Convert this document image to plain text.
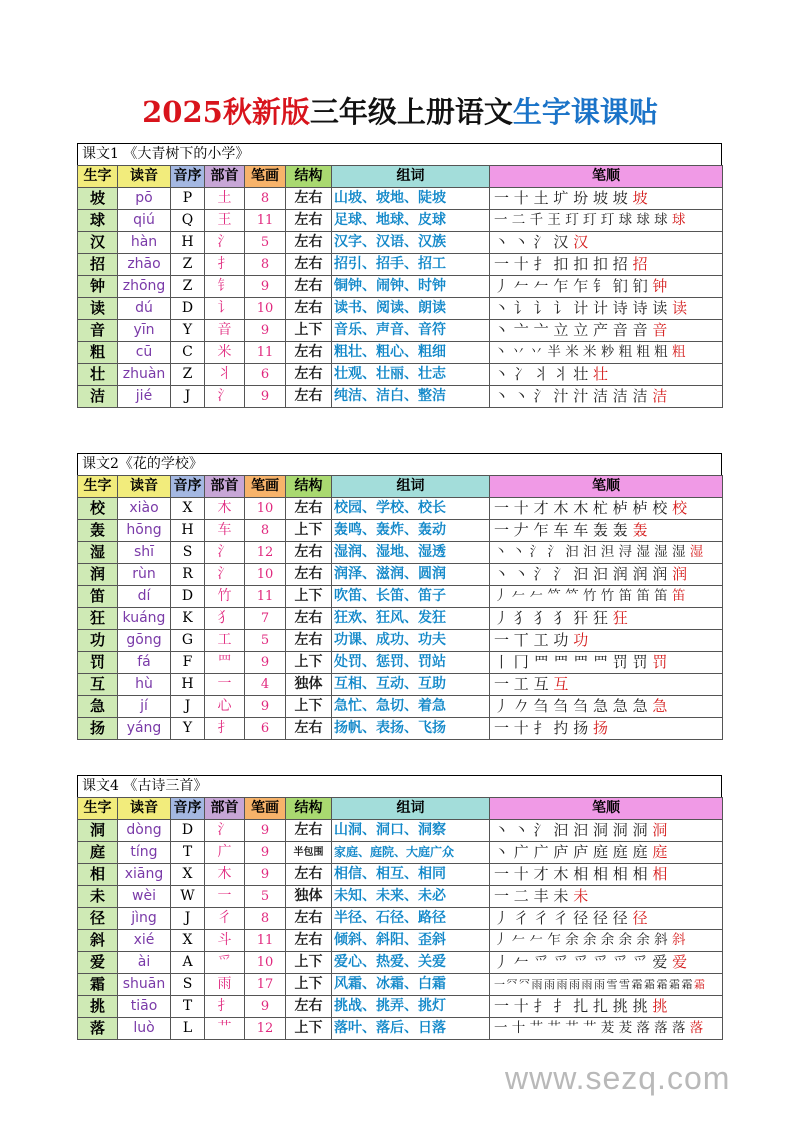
2025秋新版三年级上册语文生字课课贴
课文1 《大青树下的小学》
生字	读音	音序	部首	笔画	结构	组词	笔顺
坡	pō	P	土	8	左右	山坡、坡地、陡坡	一 十 土 圹 坋 坡 坡 坡
球	qiú	Q	王	11	左右	足球、地球、皮球	一 二 千 王 玎 玎 玎 球 球 球 球
汉	hàn	H	氵	5	左右	汉字、汉语、汉族	丶 丶 氵 汉 汉
招	zhāo	Z	扌	8	左右	招引、招手、招工	一 十 扌 扣 扣 扣 招 招
钟	zhōng	Z	钅	9	左右	铜钟、闹钟、时钟	丿 𠂉 𠂉 乍 乍 钅 钔 钔 钟
读	dú	D	讠	10	左右	读书、阅读、朗读	丶 讠 讠 讠 计 计 诗 诗 读 读
音	yīn	Y	音	9	上下	音乐、声音、音符	丶 亠 亠 立 立 产 音 音 音
粗	cū	C	米	11	左右	粗壮、粗心、粗细	丶 丷 丷 半 米 米 粆 粗 粗 粗 粗
壮	zhuàn	Z	丬	6	左右	壮观、壮丽、壮志	丶 冫 丬 丬 壮 壮
洁	jié	J	氵	9	左右	纯洁、洁白、整洁	丶 丶 氵 汁 汁 洁 洁 洁 洁
课文2《花的学校》
生字	读音	音序	部首	笔画	结构	组词	笔顺
校	xiào	X	木	10	左右	校园、学校、校长	一 十 才 木 木 杧 栌 栌 校 校
轰	hōng	H	车	8	上下	轰鸣、轰炸、轰动	一 𠂇 乍 车 车 轰 轰 轰
湿	shī	S	氵	12	左右	湿润、湿地、湿透	丶 丶 氵 氵 汩 汩 泹 浔 湿 湿 湿 湿
润	rùn	R	氵	10	左右	润泽、滋润、圆润	丶 丶 氵 氵 汩 汩 润 润 润 润
笛	dí	D	竹	11	上下	吹笛、长笛、笛子	丿 𠂉 𠂉 𥫗 𥫗 竹 竹 笛 笛 笛 笛
狂	kuáng	K	犭	7	左右	狂欢、狂风、发狂	丿 犭 犭 犭 犴 狂 狂
功	gōng	G	工	5	左右	功课、成功、功夫	一 丅 工 功 功
罚	fá	F	罒	9	上下	处罚、惩罚、罚站	丨 冂 罒 罒 罒 罒 罚 罚 罚
互	hù	H	一	4	独体	互相、互动、互助	一 工 互 互
急	jí	J	心	9	上下	急忙、急切、着急	丿 𠂊 刍 刍 刍 急 急 急 急
扬	yáng	Y	扌	6	左右	扬帆、表扬、飞扬	一 十 扌 扚 扬 扬
课文4 《古诗三首》
生字	读音	音序	部首	笔画	结构	组词	笔顺
洞	dòng	D	氵	9	左右	山洞、洞口、洞察	丶 丶 氵 汩 汩 洞 洞 洞 洞
庭	tíng	T	广	9	半包围	家庭、庭院、大庭广众	丶 广 广 庐 庐 庭 庭 庭 庭
相	xiāng	X	木	9	左右	相信、相互、相同	一 十 才 木 相 相 相 相 相
未	wèi	W	一	5	独体	未知、未来、未必	一 二 丰 未 未
径	jìng	J	彳	8	左右	半径、石径、路径	丿 彳 彳 彳 径 径 径 径
斜	xié	X	斗	11	左右	倾斜、斜阳、歪斜	丿 𠂉 𠂉 乍 余 余 余 余 余 斜 斜
爱	ài	A	爫	10	上下	爱心、热爱、关爱	丿 𠂉 爫 爫 爫 爫 爫 爫 爱 爱
霜	shuān	S	雨	17	上下	风霜、冰霜、白霜	一 ⺳ ⺳ 雨 雨 雨 雨 雨 雨 雪 雪 霜 霜 霜 霜 霜 霜
挑	tiāo	T	扌	9	左右	挑战、挑弄、挑灯	一 十 扌 扌 扎 扎 挑 挑 挑
落	luò	L	艹	12	上下	落叶、落后、日落	一 十 艹 艹 艹 艹 茇 茇 落 落 落 落
www.sezq.com
